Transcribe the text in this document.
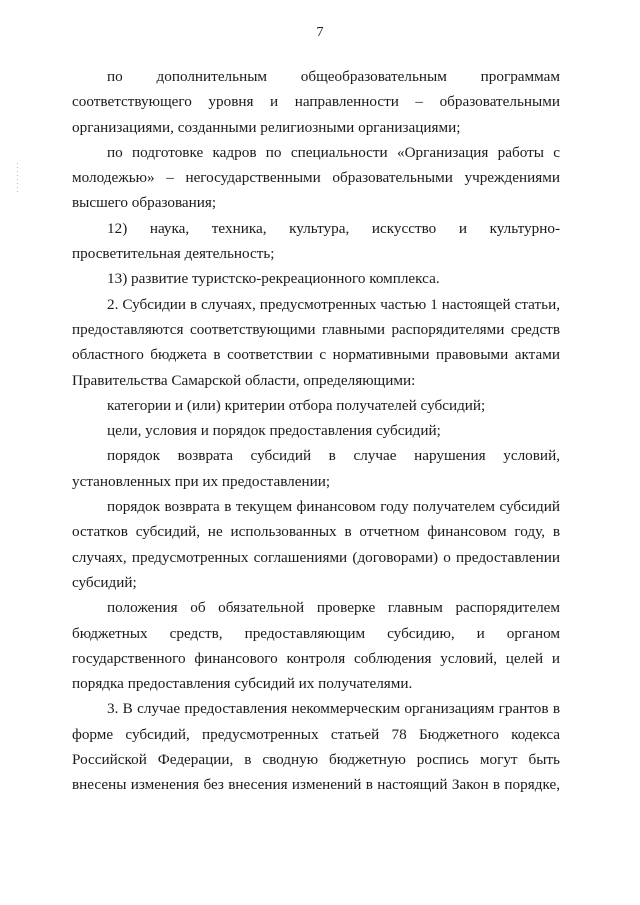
7
по дополнительным общеобразовательным программам
соответствующего уровня и направленности – образовательными
организациями, созданными религиозными организациями;
по подготовке кадров по специальности «Организация работы с
молодежью» – негосударственными образовательными учреждениями
высшего образования;
12) наука, техника, культура, искусство и культурно-
просветительная деятельность;
13) развитие туристско-рекреационного комплекса.
2. Субсидии в случаях, предусмотренных частью 1 настоящей статьи,
предоставляются соответствующими главными распорядителями средств
областного бюджета в соответствии с нормативными правовыми актами
Правительства Самарской области, определяющими:
категории и (или) критерии отбора получателей субсидий;
цели, условия и порядок предоставления субсидий;
порядок возврата субсидий в случае нарушения условий,
установленных при их предоставлении;
порядок возврата в текущем финансовом году получателем субсидий
остатков субсидий, не использованных в отчетном финансовом году, в
случаях, предусмотренных соглашениями (договорами) о предоставлении
субсидий;
положения об обязательной проверке главным распорядителем
бюджетных средств, предоставляющим субсидию, и органом
государственного финансового контроля соблюдения условий, целей и
порядка предоставления субсидий их получателями.
3. В случае предоставления некоммерческим организациям грантов в
форме субсидий, предусмотренных статьей 78 Бюджетного кодекса
Российской Федерации, в сводную бюджетную роспись могут быть
внесены изменения без внесения изменений в настоящий Закон в порядке,
